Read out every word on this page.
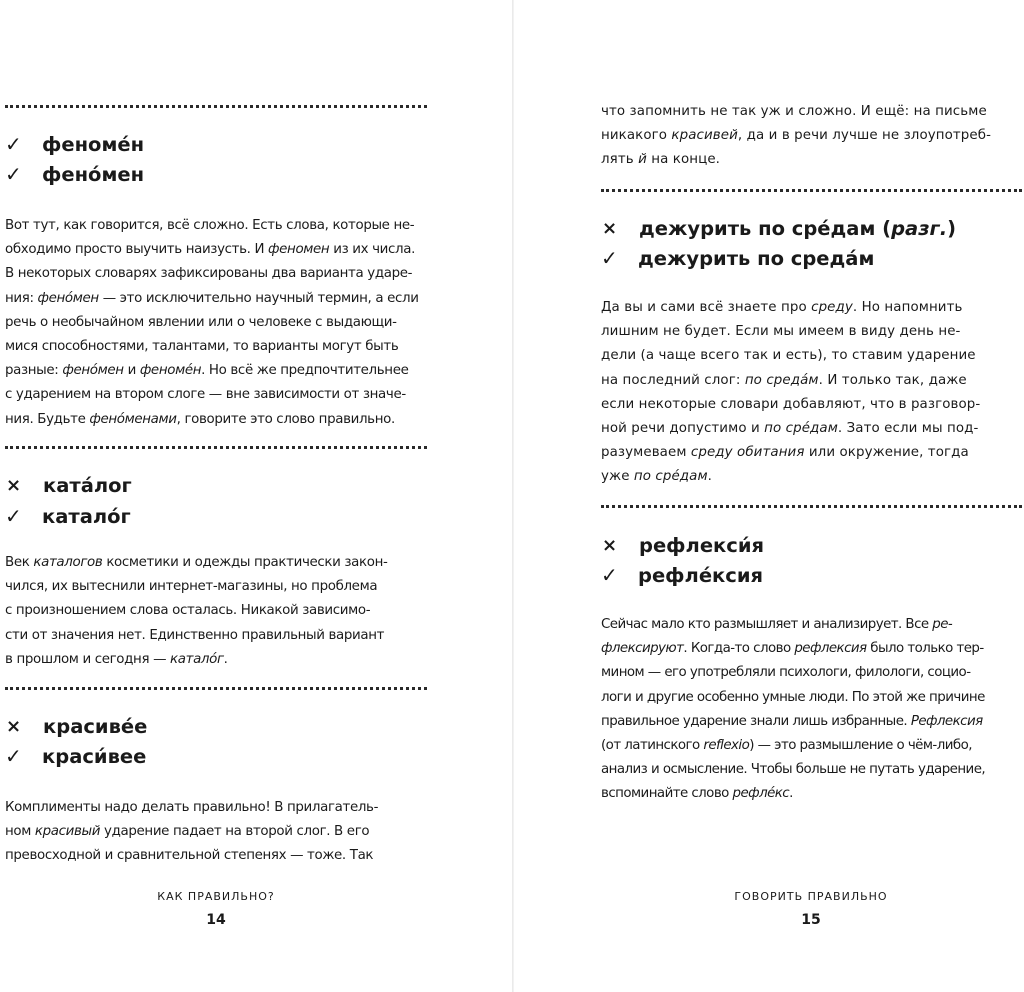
✓	феноме́н
✓	фено́мен

Вот тут, как говорится, всё сложно. Есть слова, которые не-
обходимо просто выучить наизусть. И феномен из их числа.
В некоторых словарях зафиксированы два варианта ударе-
ния: фено́мен — это исключительно научный термин, а если
речь о необычайном явлении или о человеке с выдающи-
мися способностями, талантами, то варианты могут быть
разные: фено́мен и феноме́н. Но всё же предпочтительнее
с ударением на втором слоге — вне зависимости от значе-
ния. Будьте фено́менами, говорите это слово правильно.

×	ката́лог
✓	катало́г

Век каталогов косметики и одежды практически закон-
чился, их вытеснили интернет-магазины, но проблема
с произношением слова осталась. Никакой зависимо-
сти от значения нет. Единственно правильный вариант
в прошлом и сегодня — катало́г.

×	красиве́е
✓	краси́вее

Комплименты надо делать правильно! В прилагатель-
ном красивый ударение падает на второй слог. В его
превосходной и сравнительной степенях — тоже. Так

КАК ПРАВИЛЬНО?
14

что запомнить не так уж и сложно. И ещё: на письме
никакого красивей, да и в речи лучше не злоупотреб-
лять й на конце.

×	дежурить по сре́дам (разг.)
✓	дежурить по среда́м

Да вы и сами всё знаете про среду. Но напомнить
лишним не будет. Если мы имеем в виду день не-
дели (а чаще всего так и есть), то ставим ударение
на последний слог: по среда́м. И только так, даже
если некоторые словари добавляют, что в разговор-
ной речи допустимо и по сре́дам. Зато если мы под-
разумеваем среду обитания или окружение, тогда
уже по сре́дам.

×	рефлекси́я
✓	рефле́ксия

Сейчас мало кто размышляет и анализирует. Все ре-
флексируют. Когда-то слово рефлексия было только тер-
мином — его употребляли психологи, филологи, социо-
логи и другие особенно умные люди. По этой же причине
правильное ударение знали лишь избранные. Рефлексия
(от латинского reflexio) — это размышление о чём-либо,
анализ и осмысление. Чтобы больше не путать ударение,
вспоминайте слово рефле́кс.

ГОВОРИТЬ ПРАВИЛЬНО
15
